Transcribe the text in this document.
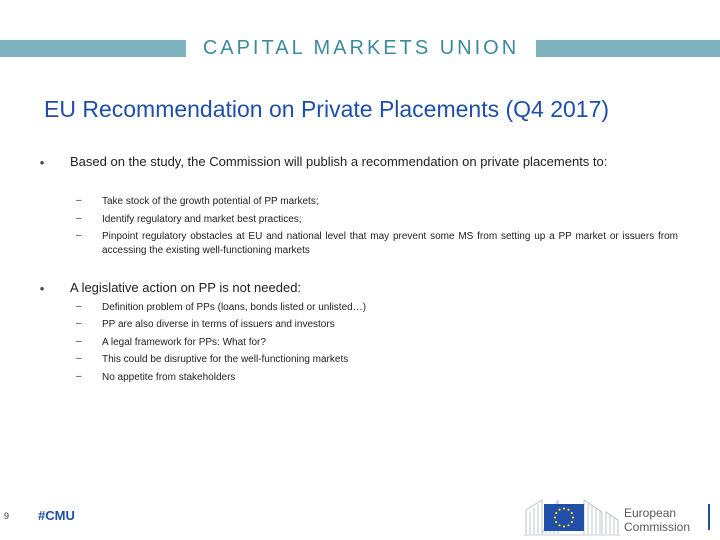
CAPITAL MARKETS UNION
EU Recommendation on Private Placements (Q4 2017)
• Based on the study, the Commission will publish a recommendation on private placements to:
–	Take stock of the growth potential of PP markets;
–	Identify regulatory and market best practices;
–	Pinpoint regulatory obstacles at EU and national level that may prevent some MS from setting up a PP market or issuers from accessing the existing well-functioning markets
• A legislative action on PP is not needed:
–	Definition problem of PPs (loans, bonds listed or unlisted…)
–	PP are also diverse in terms of issuers and investors
–	A legal framework for PPs: What for?
–	This could be disruptive for the well-functioning markets
–	No appetite from stakeholders
9 #CMU	European
Commission
